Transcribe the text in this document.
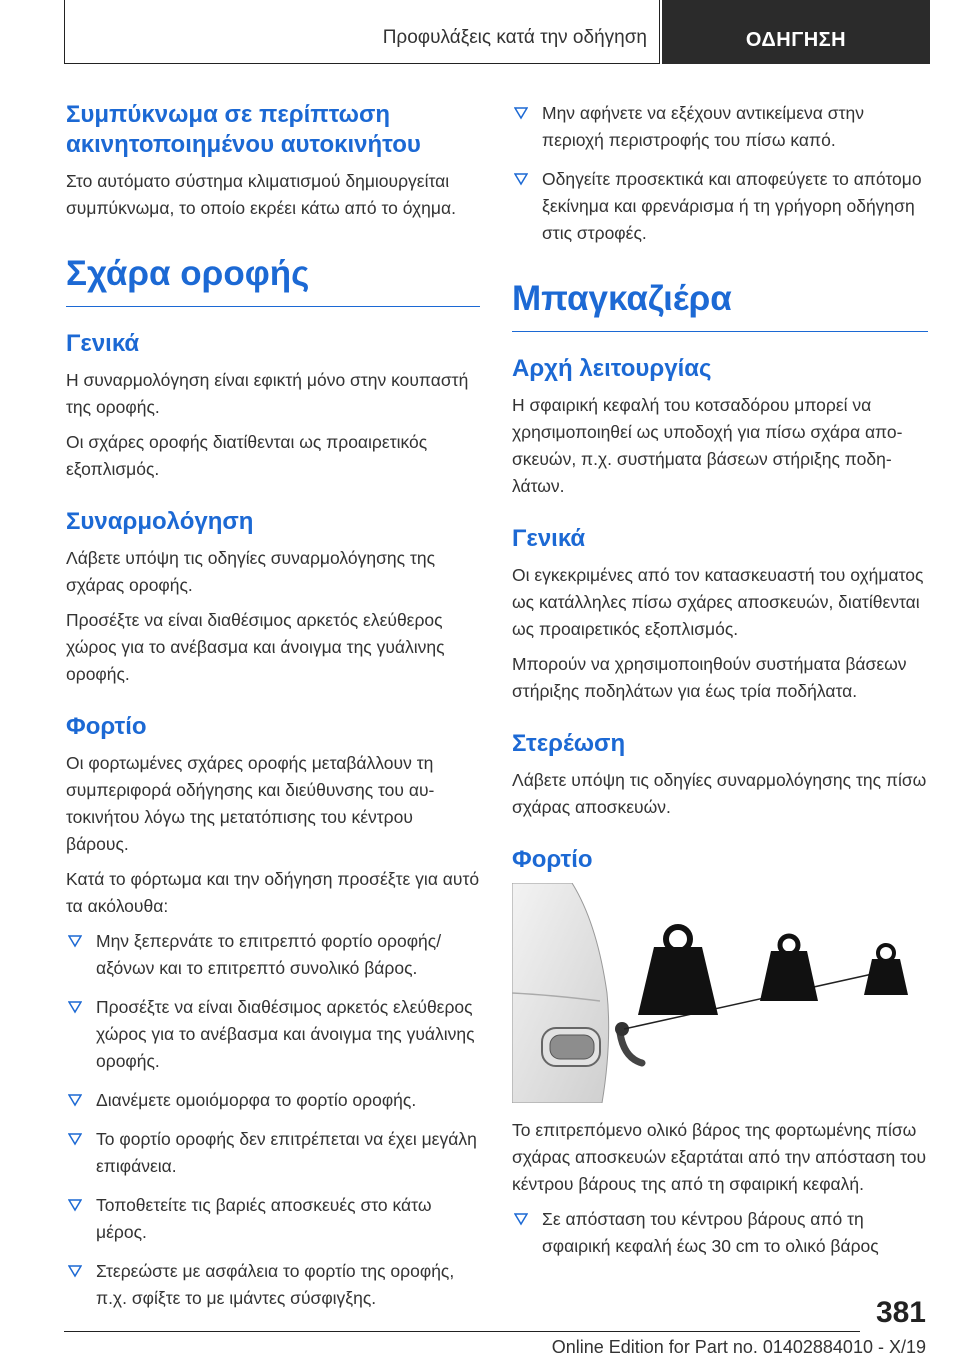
Προφυλάξεις κατά την οδήγηση	ΟΔΗΓΗΣΗ
Συμπύκνωμα σε περίπτωση ακινητοποιημένου αυτοκινήτου

Στο αυτόματο σύστημα κλιματισμού δημιουργείται συμπύκνωμα, το οποίο εκρέει κάτω από το όχημα.

Σχάρα οροφής
Γενικά

Η συναρμολόγηση είναι εφικτή μόνο στην κουπαστή της οροφής.

Οι σχάρες οροφής διατίθενται ως προαιρετικός εξοπλισμός.

Συναρμολόγηση

Λάβετε υπόψη τις οδηγίες συναρμολόγησης της σχάρας οροφής.

Προσέξτε να είναι διαθέσιμος αρκετός ελεύθερος χώρος για το ανέβασμα και άνοιγμα της γυάλινης οροφής.

Φορτίο

Οι φορτωμένες σχάρες οροφής μεταβάλλουν τη συμπεριφορά οδήγησης και διεύθυνσης του αυτοκινήτου λόγω της μετατόπισης του κέντρου βάρους.

Κατά το φόρτωμα και την οδήγηση προσέξτε για αυτό τα ακόλουθα:

Μην ξεπερνάτε το επιτρεπτό φορτίο οροφής/ αξόνων και το επιτρεπτό συνολικό βάρος.
Προσέξτε να είναι διαθέσιμος αρκετός ελεύθερος χώρος για το ανέβασμα και άνοιγμα της γυάλινης οροφής.
Διανέμετε ομοιόμορφα το φορτίο οροφής.
Το φορτίο οροφής δεν επιτρέπεται να έχει μεγάλη επιφάνεια.
Τοποθετείτε τις βαριές αποσκευές στο κάτω μέρος.
Στερεώστε με ασφάλεια το φορτίο της οροφής, π.χ. σφίξτε το με ιμάντες σύσφιγξης.
Μην αφήνετε να εξέχουν αντικείμενα στην περιοχή περιστροφής του πίσω καπό.
Οδηγείτε προσεκτικά και αποφεύγετε το απότομο ξεκίνημα και φρενάρισμα ή τη γρήγορη οδήγηση στις στροφές.
Μπαγκαζιέρα
Αρχή λειτουργίας

Η σφαιρική κεφαλή του κοτσαδόρου μπορεί να χρησιμοποιηθεί ως υποδοχή για πίσω σχάρα αποσκευών, π.χ. συστήματα βάσεων στήριξης ποδηλάτων.

Γενικά

Οι εγκεκριμένες από τον κατασκευαστή του οχήματος ως κατάλληλες πίσω σχάρες αποσκευών, διατίθενται ως προαιρετικός εξοπλισμός.

Μπορούν να χρησιμοποιηθούν συστήματα βάσεων στήριξης ποδηλάτων για έως τρία ποδήλατα.

Στερέωση

Λάβετε υπόψη τις οδηγίες συναρμολόγησης της πίσω σχάρας αποσκευών.

Φορτίο

Το επιτρεπόμενο ολικό βάρος της φορτωμένης πίσω σχάρας αποσκευών εξαρτάται από την απόσταση του κέντρου βάρους της από τη σφαιρική κεφαλή.

Σε απόσταση του κέντρου βάρους από τη σφαιρική κεφαλή έως 30 cm το ολικό βάρος
381
Online Edition for Part no. 01402884010 - X/19
